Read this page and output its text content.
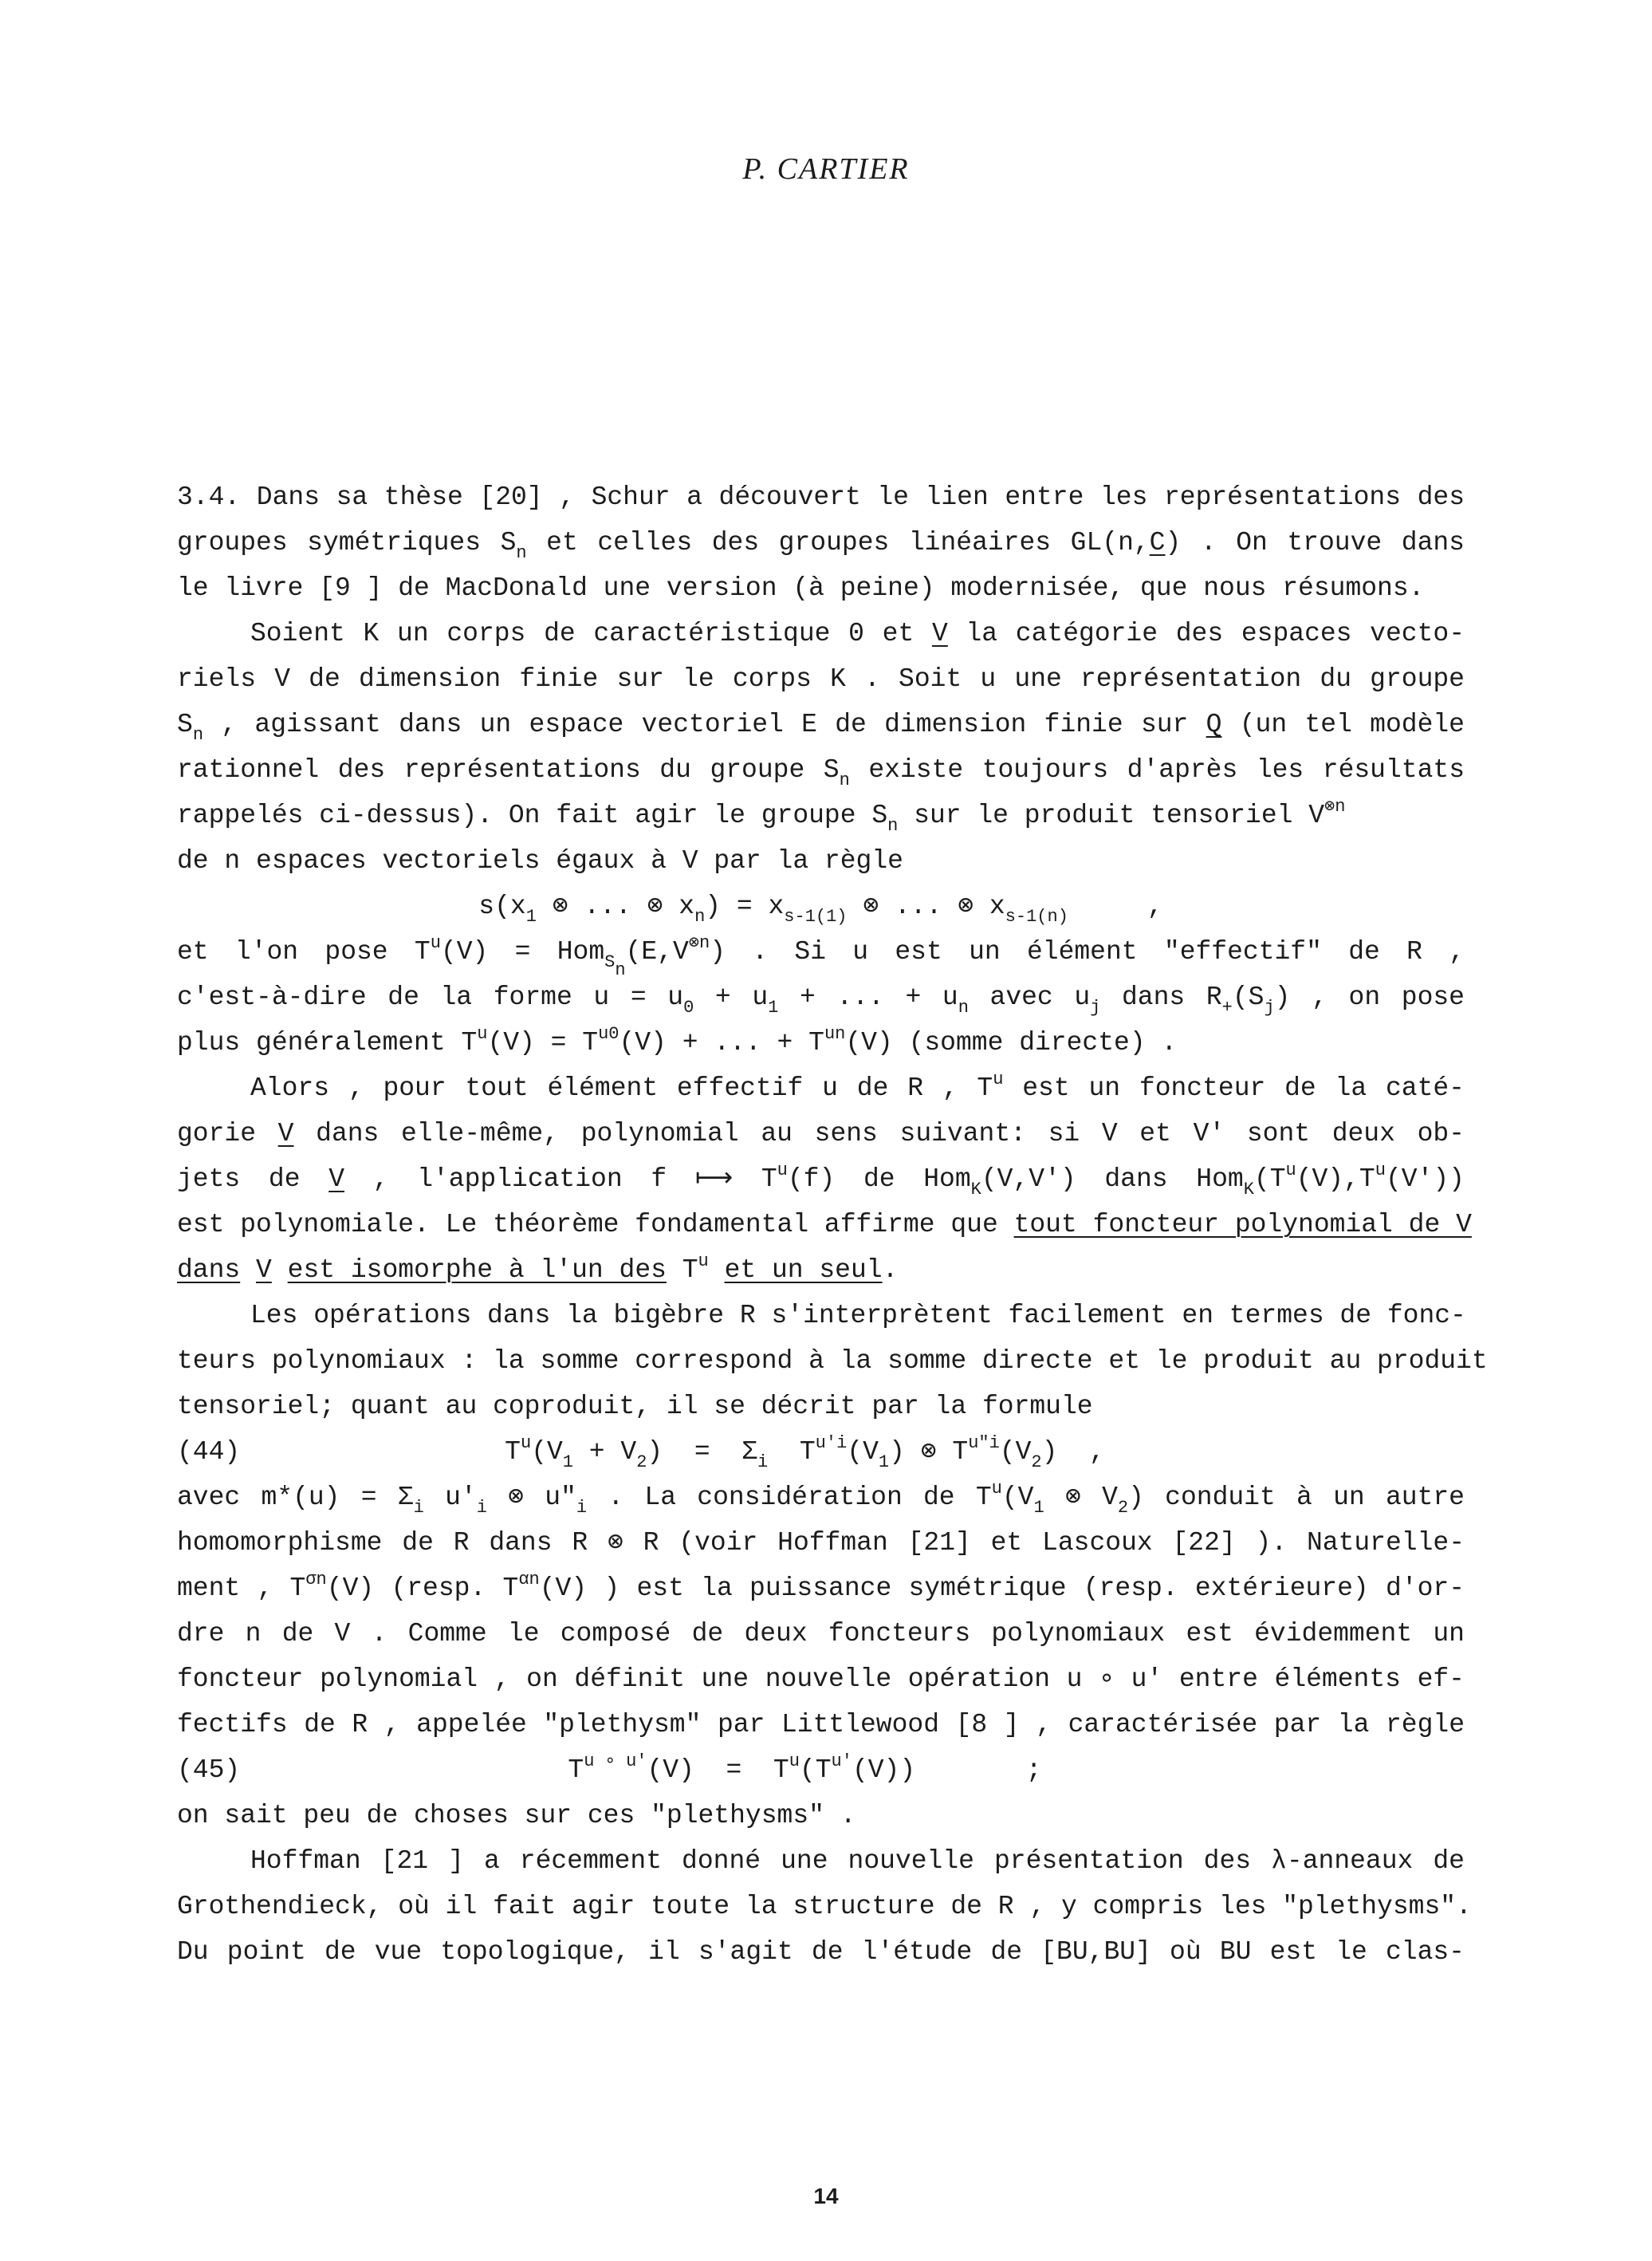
P. CARTIER
3.4. Dans sa thèse [20] , Schur a découvert le lien entre les représentations des
groupes symétriques $S_n$ et celles des groupes linéaires GL(n,C) . On trouve dans
le livre [9 ] de MacDonald une version (à peine) modernisée, que nous résumons.
Soient K un corps de caractéristique 0 et V la catégorie des espaces vecto-
riels V de dimension finie sur le corps K . Soit u une représentation du groupe
$S_n$ , agissant dans un espace vectoriel E de dimension finie sur Q (un tel modèle
rationnel des représentations du groupe $S_n$ existe toujours d'après les résultats
rappelés ci-dessus). On fait agir le groupe $S_n$ sur le produit tensoriel $V^{\otimes n}$
de n espaces vectoriels égaux à V par la règle
$s(x_1$ ⊗ ... ⊗ $x_n) = x_{s-1(1)}$ ⊗ ... ⊗ $x_{s-1(n)}$     ,
et l'on pose $T^u(V) = Hom_{S_n}(E,V^{\otimes n})$ . Si u est un élément "effectif" de R ,
c'est-à-dire de la forme $u = u_0 + u_1$ + ... + $u_n$ avec $u_j$ dans $R_+(S_j)$ , on pose
plus généralement $T^u(V) = T^{u0}(V)$ + ... + $T^{un}(V)$ (somme directe) .
Alors , pour tout élément effectif u de R , $T^u$ est un foncteur de la caté-
gorie V dans elle-même, polynomial au sens suivant: si V et V' sont deux ob-
jets de V , l'application f ⟼ $T^u(f)$ de Hom$_K$(V,V') dans $Hom_K(T^u(V),T^u(V'))$
est polynomiale. Le théorème fondamental affirme que tout foncteur polynomial de V
dans V est isomorphe à l'un des $T^u$ et un seul.
Les opérations dans la bigèbre R s'interprètent facilement en termes de fonc-
teurs polynomiaux : la somme correspond à la somme directe et le produit au produit
tensoriel; quant au coproduit, il se décrit par la formule
(44)	$T^u(V_1 + V_2) = \Sigma_i$  $T^{u'i}(V_1)$ ⊗ $T^{u"i}(V_2)$  ,
avec $m*(u) = \Sigma_i$ $u'_i$ ⊗ $u"_i$ . La considération de $T^u(V_1$ ⊗ $V_2$) conduit à un autre
homomorphisme de R dans R ⊗ R (voir Hoffman [21] et Lascoux [22] ). Naturelle-
ment , $T^{\sigma n}(V)$ (resp. $T^{\alpha n}(V)$ ) est la puissance symétrique (resp. extérieure) d'or-
dre n de V . Comme le composé de deux foncteurs polynomiaux est évidemment un
foncteur polynomial , on définit une nouvelle opération u ∘ u' entre éléments ef-
fectifs de R , appelée "plethysm" par Littlewood [8 ] , caractérisée par la règle
(45)	$T^{u \circ u'}(V) = T^u(T^{u'}(V))$       ;
on sait peu de choses sur ces "plethysms" .
Hoffman [21 ] a récemment donné une nouvelle présentation des λ-anneaux de
Grothendieck, où il fait agir toute la structure de R , y compris les "plethysms".
Du point de vue topologique, il s'agit de l'étude de [BU,BU] où BU est le clas-
14
